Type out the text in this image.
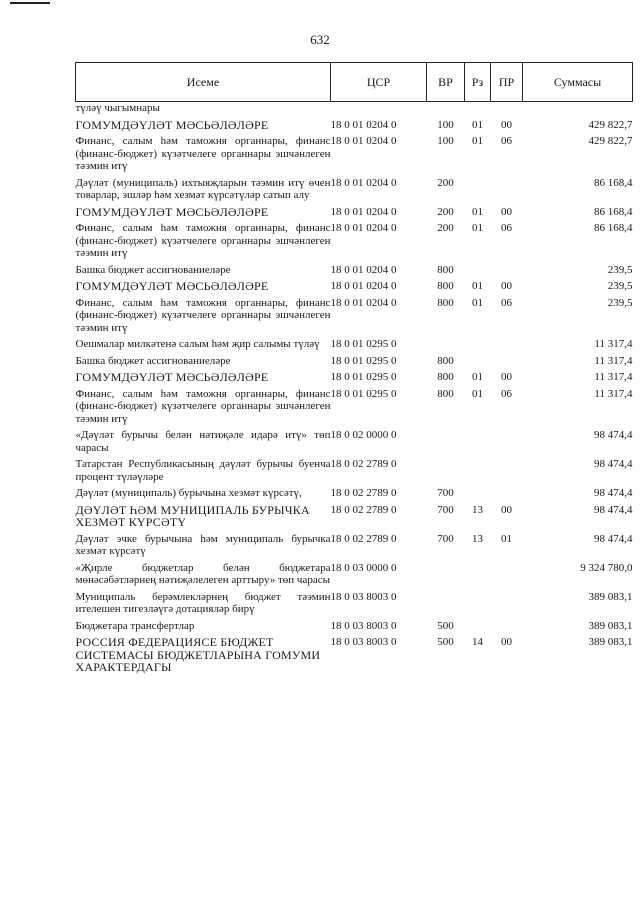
632
Исеме	ЦСР	ВР	Рз	ПР	Суммасы
түләү чыгымнары					
ГОМУМДӘҮЛӘТ МӘСЬӘЛӘЛӘРЕ	18 0 01 0204 0	100	01	00	429 822,7
Финанс, салым һәм таможня органнары, финанс (финанс-бюджет) күзәтчелеге органнары эшчәнлеген тәэмин итү	18 0 01 0204 0	100	01	06	429 822,7
Дәүләт (муниципаль) ихтыяҗларын тәэмин итү өчен товарлар, эшләр һәм хезмәт күрсәтүләр сатып алу	18 0 01 0204 0	200			86 168,4
ГОМУМДӘҮЛӘТ МӘСЬӘЛӘЛӘРЕ	18 0 01 0204 0	200	01	00	86 168,4
Финанс, салым һәм таможня органнары, финанс (финанс-бюджет) күзәтчелеге органнары эшчәнлеген тәэмин итү	18 0 01 0204 0	200	01	06	86 168,4
Башка бюджет ассигнованиеләре	18 0 01 0204 0	800			239,5
ГОМУМДӘҮЛӘТ МӘСЬӘЛӘЛӘРЕ	18 0 01 0204 0	800	01	00	239,5
Финанс, салым һәм таможня органнары, финанс (финанс-бюджет) күзәтчелеге органнары эшчәнлеген тәэмин итү	18 0 01 0204 0	800	01	06	239,5
Оешмалар милкәтенә салым һәм җир салымы түләү	18 0 01 0295 0				11 317,4
Башка бюджет ассигнованиеләре	18 0 01 0295 0	800			11 317,4
ГОМУМДӘҮЛӘТ МӘСЬӘЛӘЛӘРЕ	18 0 01 0295 0	800	01	00	11 317,4
Финанс, салым һәм таможня органнары, финанс (финанс-бюджет) күзәтчелеге органнары эшчәнлеген тәэмин итү	18 0 01 0295 0	800	01	06	11 317,4
«Дәүләт бурычы белән нәтиҗәле идарә итү» төп чарасы	18 0 02 0000 0				98 474,4
Татарстан Республикасының дәүләт бурычы буенча процент түләүләре	18 0 02 2789 0				98 474,4
Дәүләт (муниципаль) бурычына хезмәт күрсәтү,	18 0 02 2789 0	700			98 474,4
ДӘҮЛӘТ ҺӘМ МУНИЦИПАЛЬ БУРЫЧКА ХЕЗМӘТ КҮРСӘТҮ	18 0 02 2789 0	700	13	00	98 474,4
Дәүләт эчке бурычына һәм муниципаль бурычка хезмәт күрсәтү	18 0 02 2789 0	700	13	01	98 474,4
«Җирле бюджетлар белән бюджетара мөнәсәбәтләрнең нәтиҗәлелеген арттыру» төп чарасы	18 0 03 0000 0				9 324 780,0
Муниципаль берәмлекләрнең бюджет тәэмин ителешен тигезләүгә дотацияләр бирү	18 0 03 8003 0				389 083,1
Бюджетара трансфертлар	18 0 03 8003 0	500			389 083,1
РОССИЯ ФЕДЕРАЦИЯСЕ БЮДЖЕТ СИСТЕМАСЫ БЮДЖЕТЛАРЫНА ГОМУМИ ХАРАКТЕРДАГЫ	18 0 03 8003 0	500	14	00	389 083,1
